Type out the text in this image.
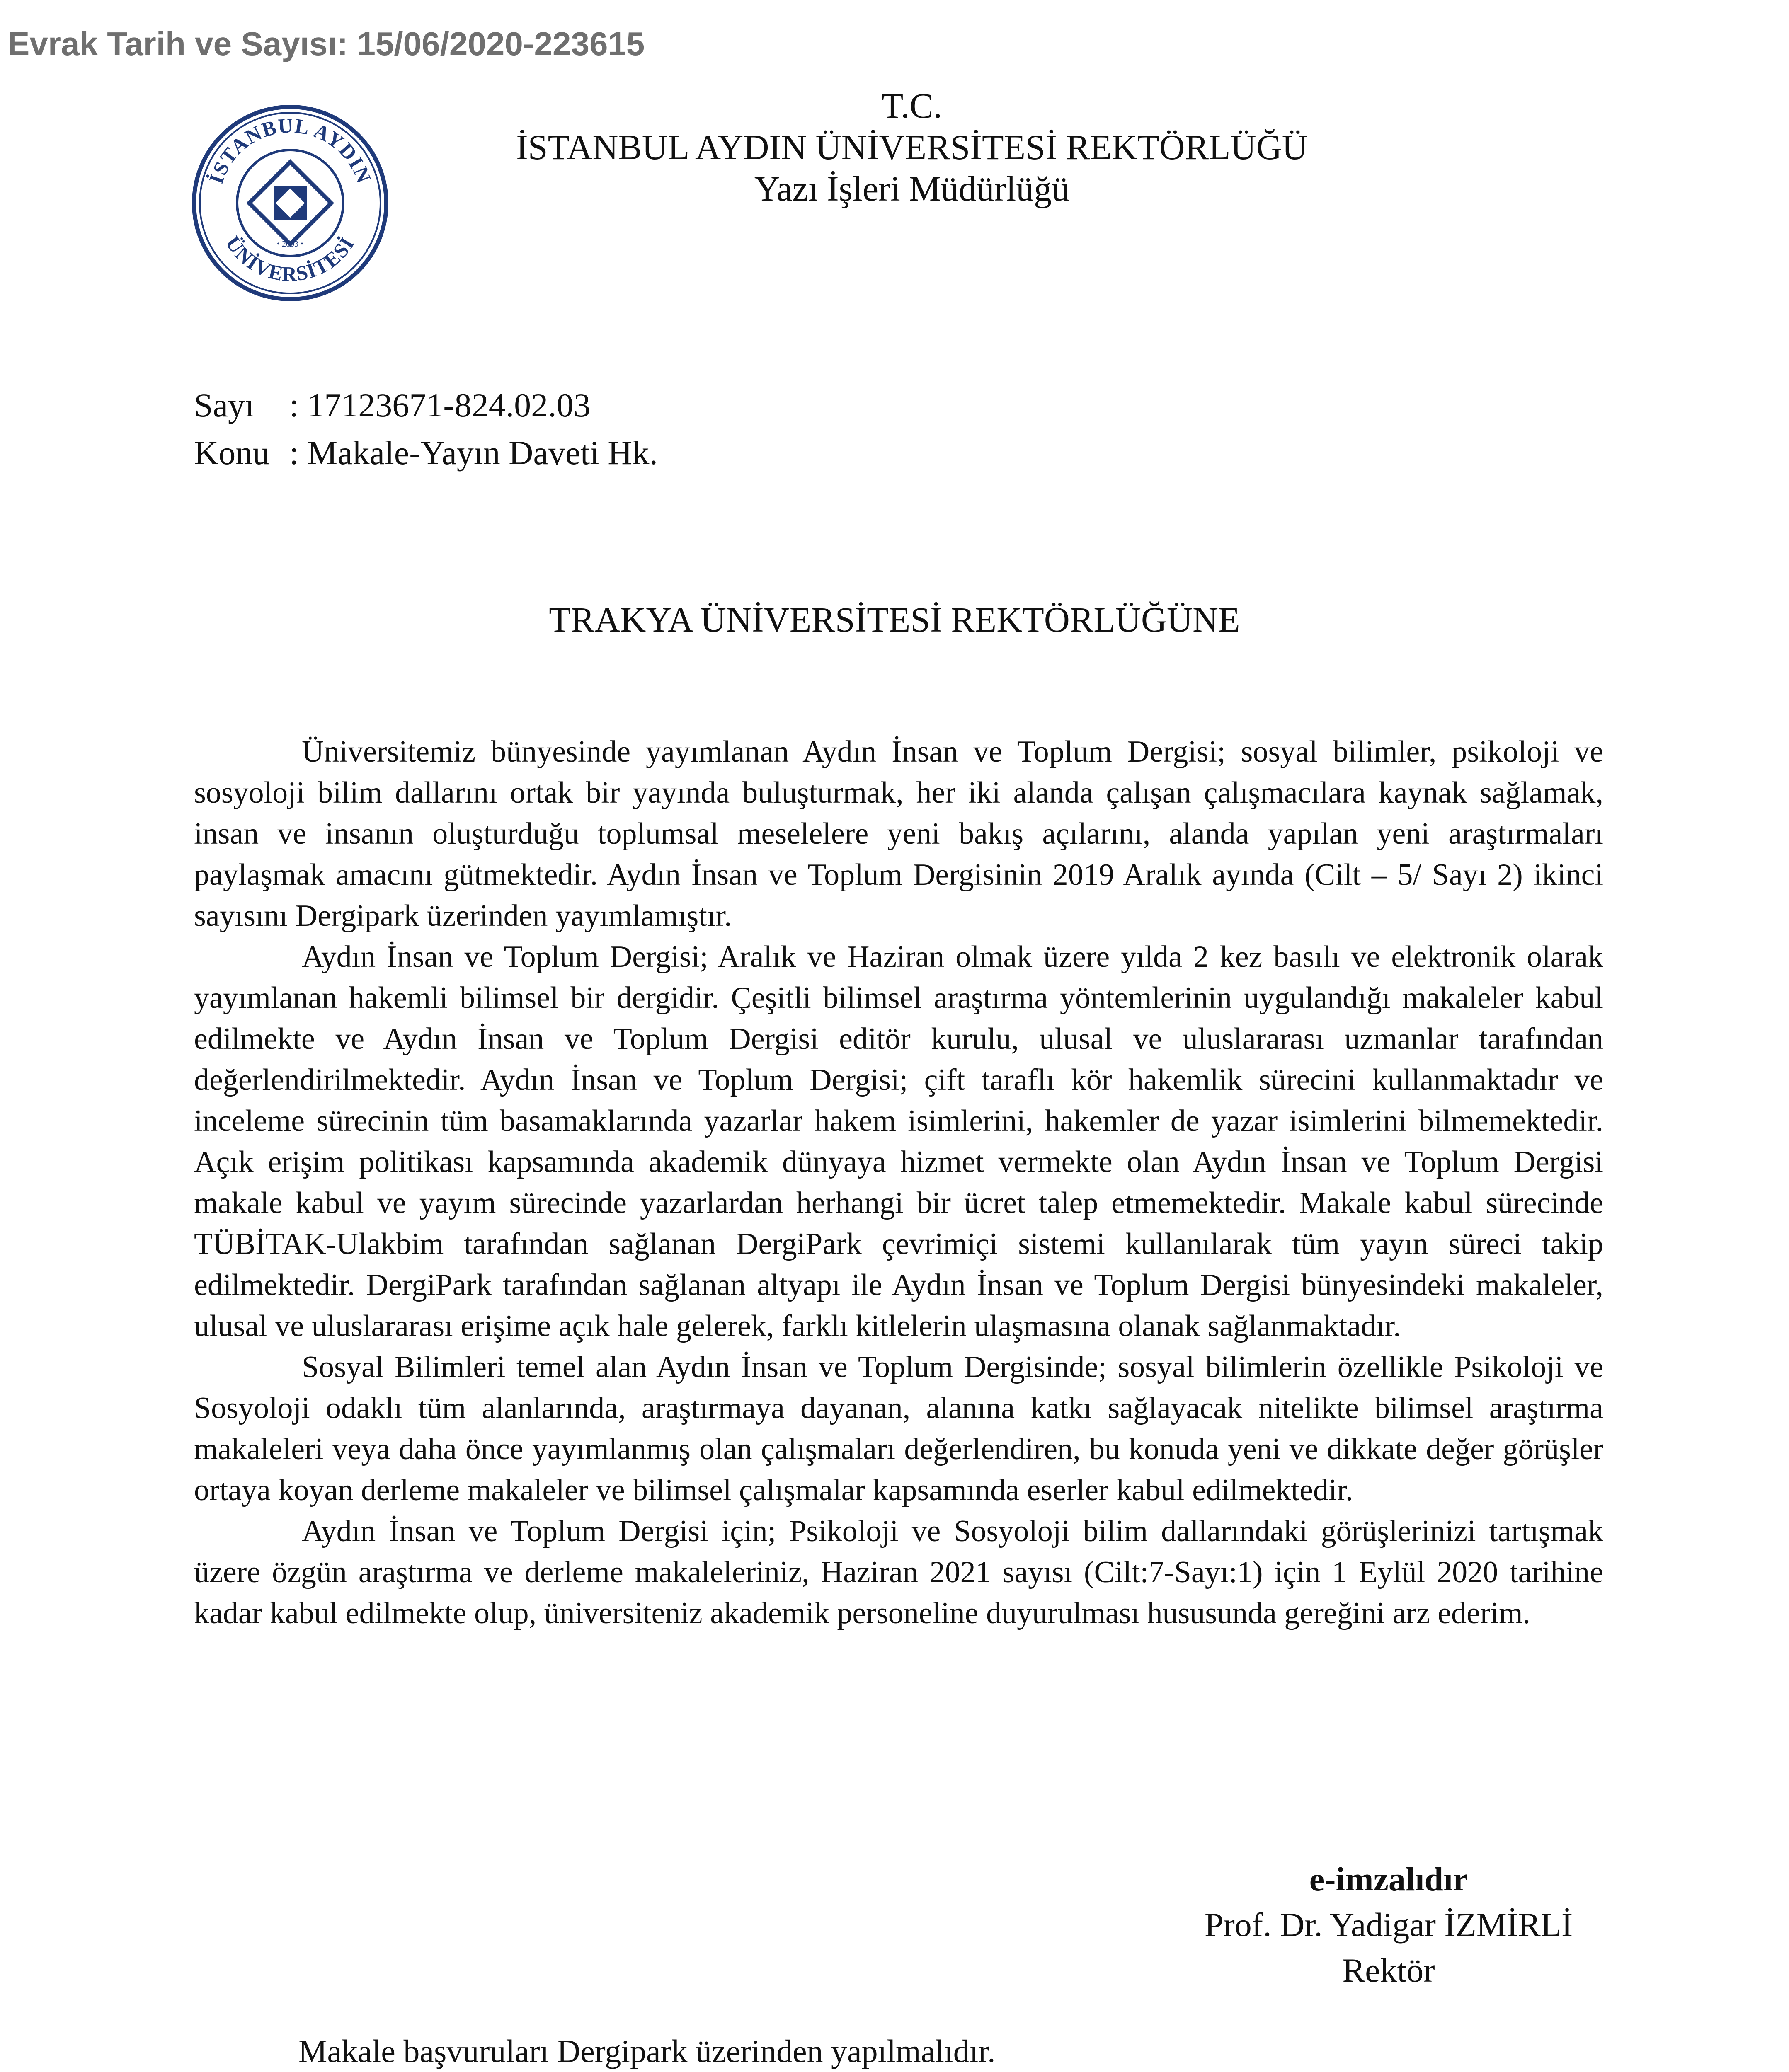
Evrak Tarih ve Sayısı: 15/06/2020-223615
İSTANBUL AYDIN
ÜNİVERSİTESİ
• 2003 •
T.C.
İSTANBUL AYDIN ÜNİVERSİTESİ REKTÖRLÜĞÜ
Yazı İşleri Müdürlüğü
Sayı : 17123671-824.02.03
Konu : Makale-Yayın Daveti Hk.
TRAKYA ÜNİVERSİTESİ REKTÖRLÜĞÜNE

Üniversitemiz bünyesinde yayımlanan Aydın İnsan ve Toplum Dergisi; sosyal bilimler, psikoloji ve sosyoloji bilim dallarını ortak bir yayında buluşturmak, her iki alanda çalışan çalışmacılara kaynak sağlamak, insan ve insanın oluşturduğu toplumsal meselelere yeni bakış açılarını, alanda yapılan yeni araştırmaları paylaşmak amacını gütmektedir. Aydın İnsan ve Toplum Dergisinin 2019 Aralık ayında (Cilt – 5/ Sayı 2) ikinci sayısını Dergipark üzerinden yayımlamıştır.

Aydın İnsan ve Toplum Dergisi; Aralık ve Haziran olmak üzere yılda 2 kez basılı ve elektronik olarak yayımlanan hakemli bilimsel bir dergidir. Çeşitli bilimsel araştırma yöntemlerinin uygulandığı makaleler kabul edilmekte ve Aydın İnsan ve Toplum Dergisi editör kurulu, ulusal ve uluslararası uzmanlar tarafından değerlendirilmektedir. Aydın İnsan ve Toplum Dergisi; çift taraflı kör hakemlik sürecini kullanmaktadır ve inceleme sürecinin tüm basamaklarında yazarlar hakem isimlerini, hakemler de yazar isimlerini bilmemektedir. Açık erişim politikası kapsamında akademik dünyaya hizmet vermekte olan Aydın İnsan ve Toplum Dergisi makale kabul ve yayım sürecinde yazarlardan herhangi bir ücret talep etmemektedir. Makale kabul sürecinde TÜBİTAK-Ulakbim tarafından sağlanan DergiPark çevrimiçi sistemi kullanılarak tüm yayın süreci takip edilmektedir. DergiPark tarafından sağlanan altyapı ile Aydın İnsan ve Toplum Dergisi bünyesindeki makaleler, ulusal ve uluslararası erişime açık hale gelerek, farklı kitlelerin ulaşmasına olanak sağlanmaktadır.

Sosyal Bilimleri temel alan Aydın İnsan ve Toplum Dergisinde; sosyal bilimlerin özellikle Psikoloji ve Sosyoloji odaklı tüm alanlarında, araştırmaya dayanan, alanına katkı sağlayacak nitelikte bilimsel araştırma makaleleri veya daha önce yayımlanmış olan çalışmaları değerlendiren, bu konuda yeni ve dikkate değer görüşler ortaya koyan derleme makaleler ve bilimsel çalışmalar kapsamında eserler kabul edilmektedir.

Aydın İnsan ve Toplum Dergisi için; Psikoloji ve Sosyoloji bilim dallarındaki görüşlerinizi tartışmak üzere özgün araştırma ve derleme makaleleriniz, Haziran 2021 sayısı (Cilt:7-Sayı:1) için 1 Eylül 2020 tarihine kadar kabul edilmekte olup, üniversiteniz akademik personeline duyurulması hususunda gereğini arz ederim.

e-imzalıdır
Prof. Dr. Yadigar İZMİRLİ
Rektör
Makale başvuruları Dergipark üzerinden yapılmalıdır.
